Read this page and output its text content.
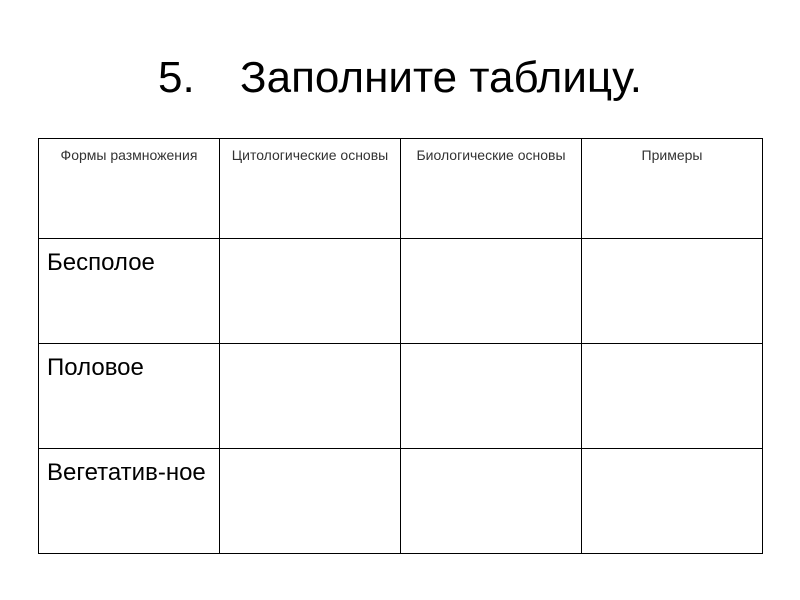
5.	Заполните таблицу.
Формы размножения	Цитологические основы	Биологические основы	Примеры

Бесполое			
Половое			
Вегетатив-ное			
